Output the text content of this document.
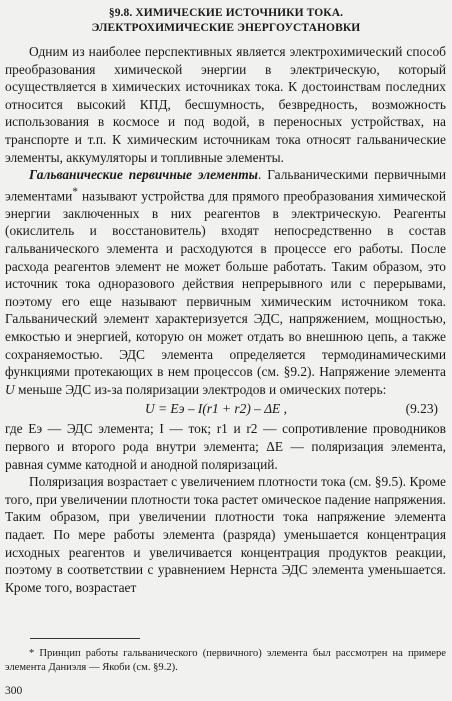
§9.8. ХИМИЧЕСКИЕ ИСТОЧНИКИ ТОКА.
ЭЛЕКТРОХИМИЧЕСКИЕ ЭНЕРГОУСТАНОВКИ

Одним из наиболее перспективных является электрохимический способ преобразования химической энергии в электрическую, который осуществляется в химических источниках тока. К достоинствам последних относится высокий КПД, бесшумность, безвредность, возможность использования в космосе и под водой, в переносных устройствах, на транспорте и т.п. К химическим источникам тока относят гальванические элементы, аккумуляторы и топливные элементы.

Гальванические первичные элементы. Гальваническими первичными элементами* называют устройства для прямого преобразования химической энергии заключенных в них реагентов в электрическую. Реагенты (окислитель и восстановитель) входят непосредственно в состав гальванического элемента и расходуются в процессе его работы. После расхода реагентов элемент не может больше работать. Таким образом, это источник тока одноразового действия непрерывного или с перерывами, поэтому его еще называют первичным химическим источником тока. Гальванический элемент характеризуется ЭДС, напряжением, мощностью, емкостью и энергией, которую он может отдать во внешнюю цепь, а также сохраняемостью. ЭДС элемента определяется термодинамическими функциями протекающих в нем процессов (см. §9.2). Напряжение элемента U меньше ЭДС из-за поляризации электродов и омических потерь:

U = Eэ – I(r1 + r2) – ΔE ,	(9.23)

где Eэ — ЭДС элемента; I — ток; r1 и r2 — сопротивление проводников первого и второго рода внутри элемента; ΔE — поляризация элемента, равная сумме катодной и анодной поляризаций.

Поляризация возрастает с увеличением плотности тока (см. §9.5). Кроме того, при увеличении плотности тока растет омическое падение напряжения. Таким образом, при увеличении плотности тока напряжение элемента падает. По мере работы элемента (разряда) уменьшается концентрация исходных реагентов и увеличивается концентрация продуктов реакции, поэтому в соответствии с уравнением Нернста ЭДС элемента уменьшается. Кроме того, возрастает

* Принцип работы гальванического (первичного) элемента был рассмотрен на примере элемента Даниэля — Якоби (см. §9.2).
300
